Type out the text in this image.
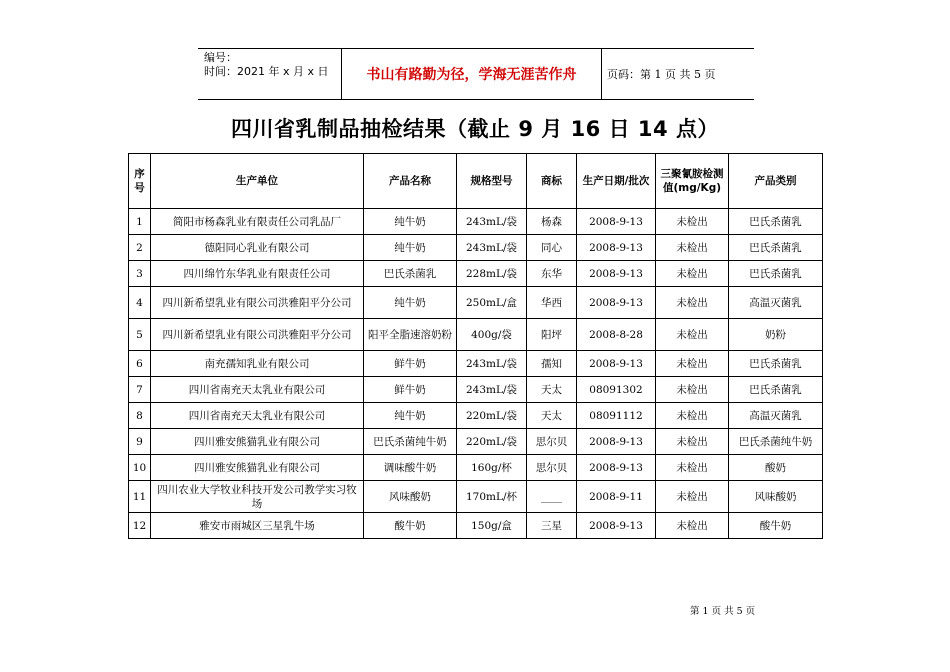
编号：
时间：2021 年 x 月 x 日	书山有路勤为径，学海无涯苦作舟	页码：第 1 页 共 5 页
四川省乳制品抽检结果（截止 9 月 16 日 14 点）
序号	生产单位	产品名称	规格型号	商标	生产日期/批次	三聚氰胺检测值(mg/Kg)	产品类别
1	简阳市杨森乳业有限责任公司乳品厂	纯牛奶	243mL/袋	杨森	2008-9-13	未检出	巴氏杀菌乳
2	德阳同心乳业有限公司	纯牛奶	243mL/袋	同心	2008-9-13	未检出	巴氏杀菌乳
3	四川绵竹东华乳业有限责任公司	巴氏杀菌乳	228mL/袋	东华	2008-9-13	未检出	巴氏杀菌乳
4	四川新希望乳业有限公司洪雅阳平分公司	纯牛奶	250mL/盒	华西	2008-9-13	未检出	高温灭菌乳
5	四川新希望乳业有限公司洪雅阳平分公司	阳平全脂速溶奶粉	400g/袋	阳坪	2008-8-28	未检出	奶粉
6	南充孺知乳业有限公司	鲜牛奶	243mL/袋	孺知	2008-9-13	未检出	巴氏杀菌乳
7	四川省南充天太乳业有限公司	鲜牛奶	243mL/袋	天太	08091302	未检出	巴氏杀菌乳
8	四川省南充天太乳业有限公司	纯牛奶	220mL/袋	天太	08091112	未检出	高温灭菌乳
9	四川雅安熊猫乳业有限公司	巴氏杀菌纯牛奶	220mL/袋	思尔贝	2008-9-13	未检出	巴氏杀菌纯牛奶
10	四川雅安熊猫乳业有限公司	调味酸牛奶	160g/杯	思尔贝	2008-9-13	未检出	酸奶
11	四川农业大学牧业科技开发公司教学实习牧场	风味酸奶	170mL/杯	____	2008-9-11	未检出	风味酸奶
12	雅安市雨城区三星乳牛场	酸牛奶	150g/盒	三星	2008-9-13	未检出	酸牛奶
第 1 页 共 5 页
